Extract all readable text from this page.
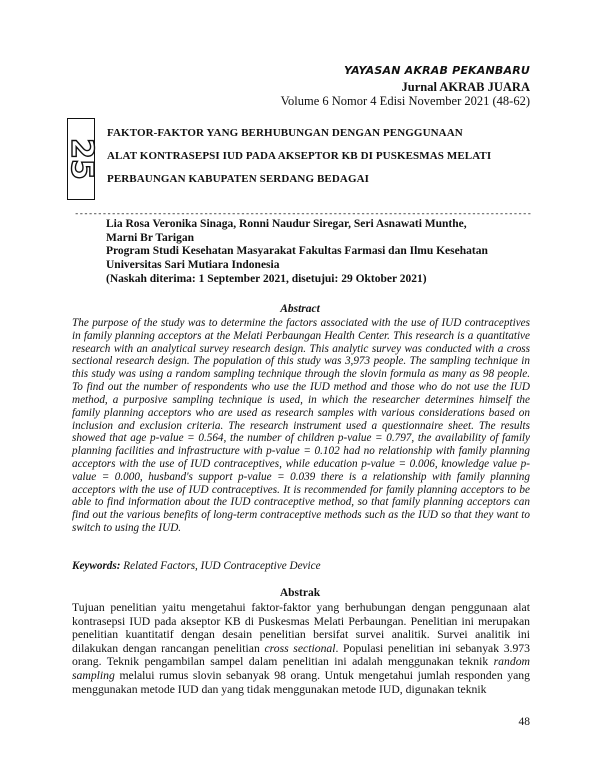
YAYASAN AKRAB PEKANBARU
Jurnal AKRAB JUARA
Volume 6 Nomor 4 Edisi November 2021 (48-62)
25
FAKTOR-FAKTOR YANG BERHUBUNGAN DENGAN PENGGUNAAN
ALAT KONTRASEPSI IUD PADA AKSEPTOR KB DI PUSKESMAS MELATI
PERBAUNGAN KABUPATEN SERDANG BEDAGAI
---------------------------------------------------------------------------------------------------
Lia Rosa Veronika Sinaga, Ronni Naudur Siregar, Seri Asnawati Munthe,
Marni Br Tarigan
Program Studi Kesehatan Masyarakat Fakultas Farmasi dan Ilmu Kesehatan
Universitas Sari Mutiara Indonesia
(Naskah diterima: 1 September 2021, disetujui: 29 Oktober 2021)
Abstract
The purpose of the study was to determine the factors associated with the use of IUD contraceptives in family planning acceptors at the Melati Perbaungan Health Center. This research is a quantitative research with an analytical survey research design. This analytic survey was conducted with a cross sectional research design. The population of this study was 3,973 people. The sampling technique in this study was using a random sampling technique through the slovin formula as many as 98 people. To find out the number of respondents who use the IUD method and those who do not use the IUD method, a purposive sampling technique is used, in which the researcher determines himself the family planning acceptors who are used as research samples with various considerations based on inclusion and exclusion criteria. The research instrument used a questionnaire sheet. The results showed that age p-value = 0.564, the number of children p-value = 0.797, the availability of family planning facilities and infrastructure with p-value = 0.102 had no relationship with family planning acceptors with the use of IUD contraceptives, while education p-value = 0.006, knowledge value p-value = 0.000, husband's support p-value = 0.039 there is a relationship with family planning acceptors with the use of IUD contraceptives. It is recommended for family planning acceptors to be able to find information about the IUD contraceptive method, so that family planning acceptors can find out the various benefits of long-term contraceptive methods such as the IUD so that they want to switch to using the IUD.
Keywords: Related Factors, IUD Contraceptive Device
Abstrak
Tujuan penelitian yaitu mengetahui faktor-faktor yang berhubungan dengan penggunaan alat kontrasepsi IUD pada akseptor KB di Puskesmas Melati Perbaungan. Penelitian ini merupakan penelitian kuantitatif dengan desain penelitian bersifat survei analitik. Survei analitik ini dilakukan dengan rancangan penelitian cross sectional. Populasi penelitian ini sebanyak 3.973 orang. Teknik pengambilan sampel dalam penelitian ini adalah menggunakan teknik random sampling melalui rumus slovin sebanyak 98 orang. Untuk mengetahui jumlah responden yang menggunakan metode IUD dan yang tidak menggunakan metode IUD, digunakan teknik
48
